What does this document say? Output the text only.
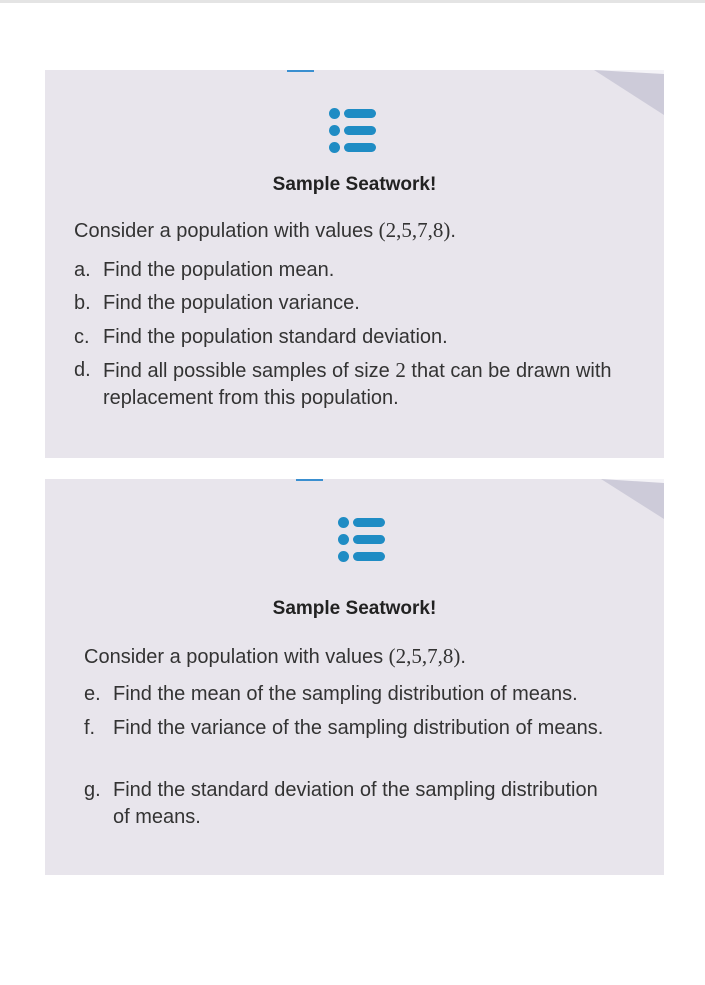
Sample Seatwork!
Consider a population with values (2,5,7,8).
a. Find the population mean.
b. Find the population variance.
c. Find the population standard deviation.
d. Find all possible samples of size 2 that can be drawn with replacement from this population.
Sample Seatwork!
Consider a population with values (2,5,7,8).
e. Find the mean of the sampling distribution of means.
f. Find the variance of the sampling distribution of means.
g. Find the standard deviation of the sampling distribution of means.
